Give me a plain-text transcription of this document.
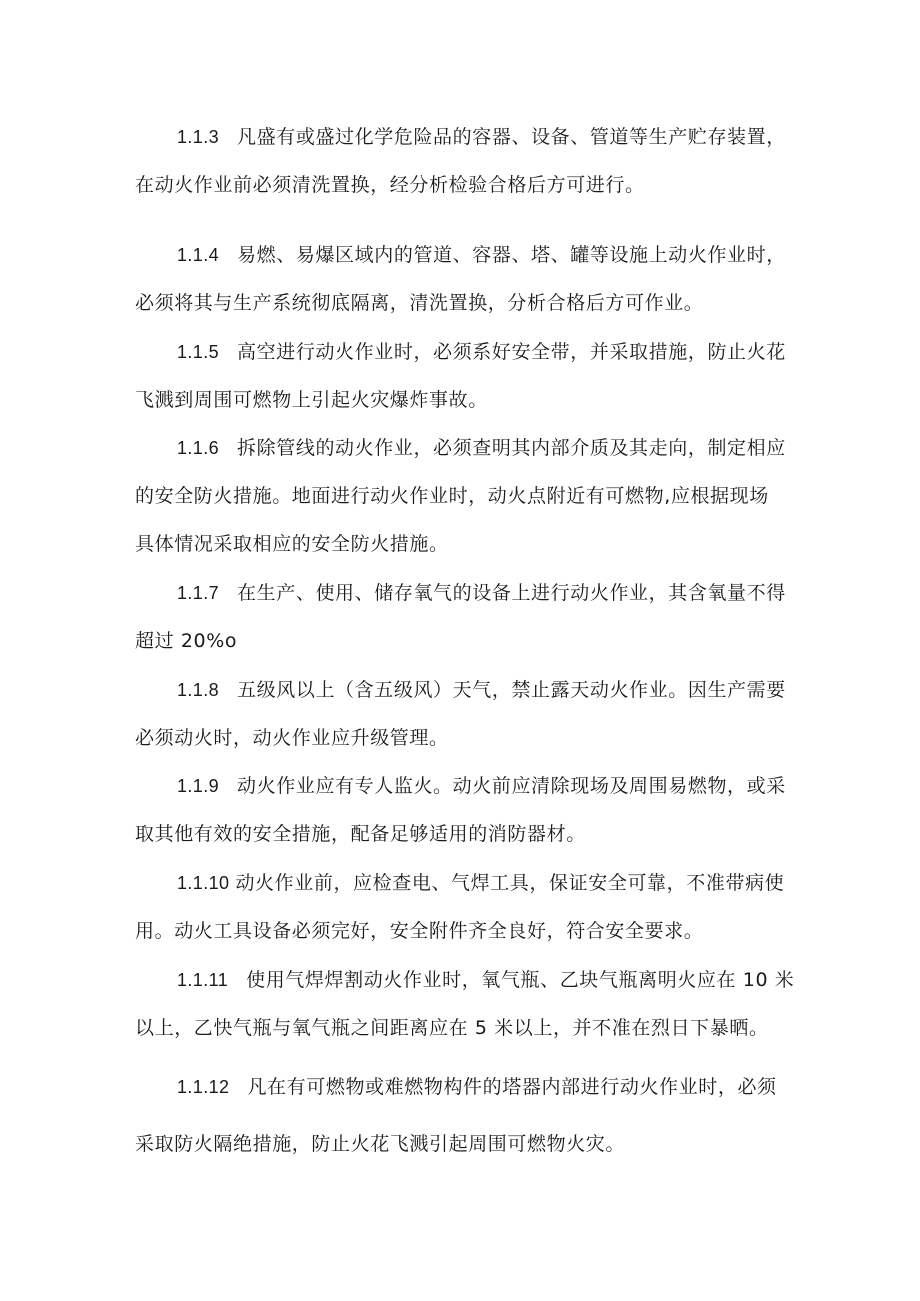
1.1.3 凡盛有或盛过化学危险品的容器、设备、管道等生产贮存装置，
在动火作业前必须清洗置换，经分析检验合格后方可进行。
1.1.4 易燃、易爆区域内的管道、容器、塔、罐等设施上动火作业时，
必须将其与生产系统彻底隔离，清洗置换，分析合格后方可作业。
1.1.5 高空进行动火作业时，必须系好安全带，并采取措施，防止火花
飞溅到周围可燃物上引起火灾爆炸事故。
1.1.6 拆除管线的动火作业，必须查明其内部介质及其走向，制定相应
的安全防火措施。地面进行动火作业时，动火点附近有可燃物,应根据现场
具体情况采取相应的安全防火措施。
1.1.7 在生产、使用、储存氧气的设备上进行动火作业，其含氧量不得
超过 20%o
1.1.8 五级风以上（含五级风）天气，禁止露天动火作业。因生产需要
必须动火时，动火作业应升级管理。
1.1.9 动火作业应有专人监火。动火前应清除现场及周围易燃物，或采
取其他有效的安全措施，配备足够适用的消防器材。
1.1.10 动火作业前，应检查电、气焊工具，保证安全可靠，不准带病使
用。动火工具设备必须完好，安全附件齐全良好，符合安全要求。
1.1.11 使用气焊焊割动火作业时，氧气瓶、乙块气瓶离明火应在 10 米
以上，乙快气瓶与氧气瓶之间距离应在 5 米以上，并不准在烈日下暴晒。
1.1.12 凡在有可燃物或难燃物构件的塔器内部进行动火作业时，必须
采取防火隔绝措施，防止火花飞溅引起周围可燃物火灾。
